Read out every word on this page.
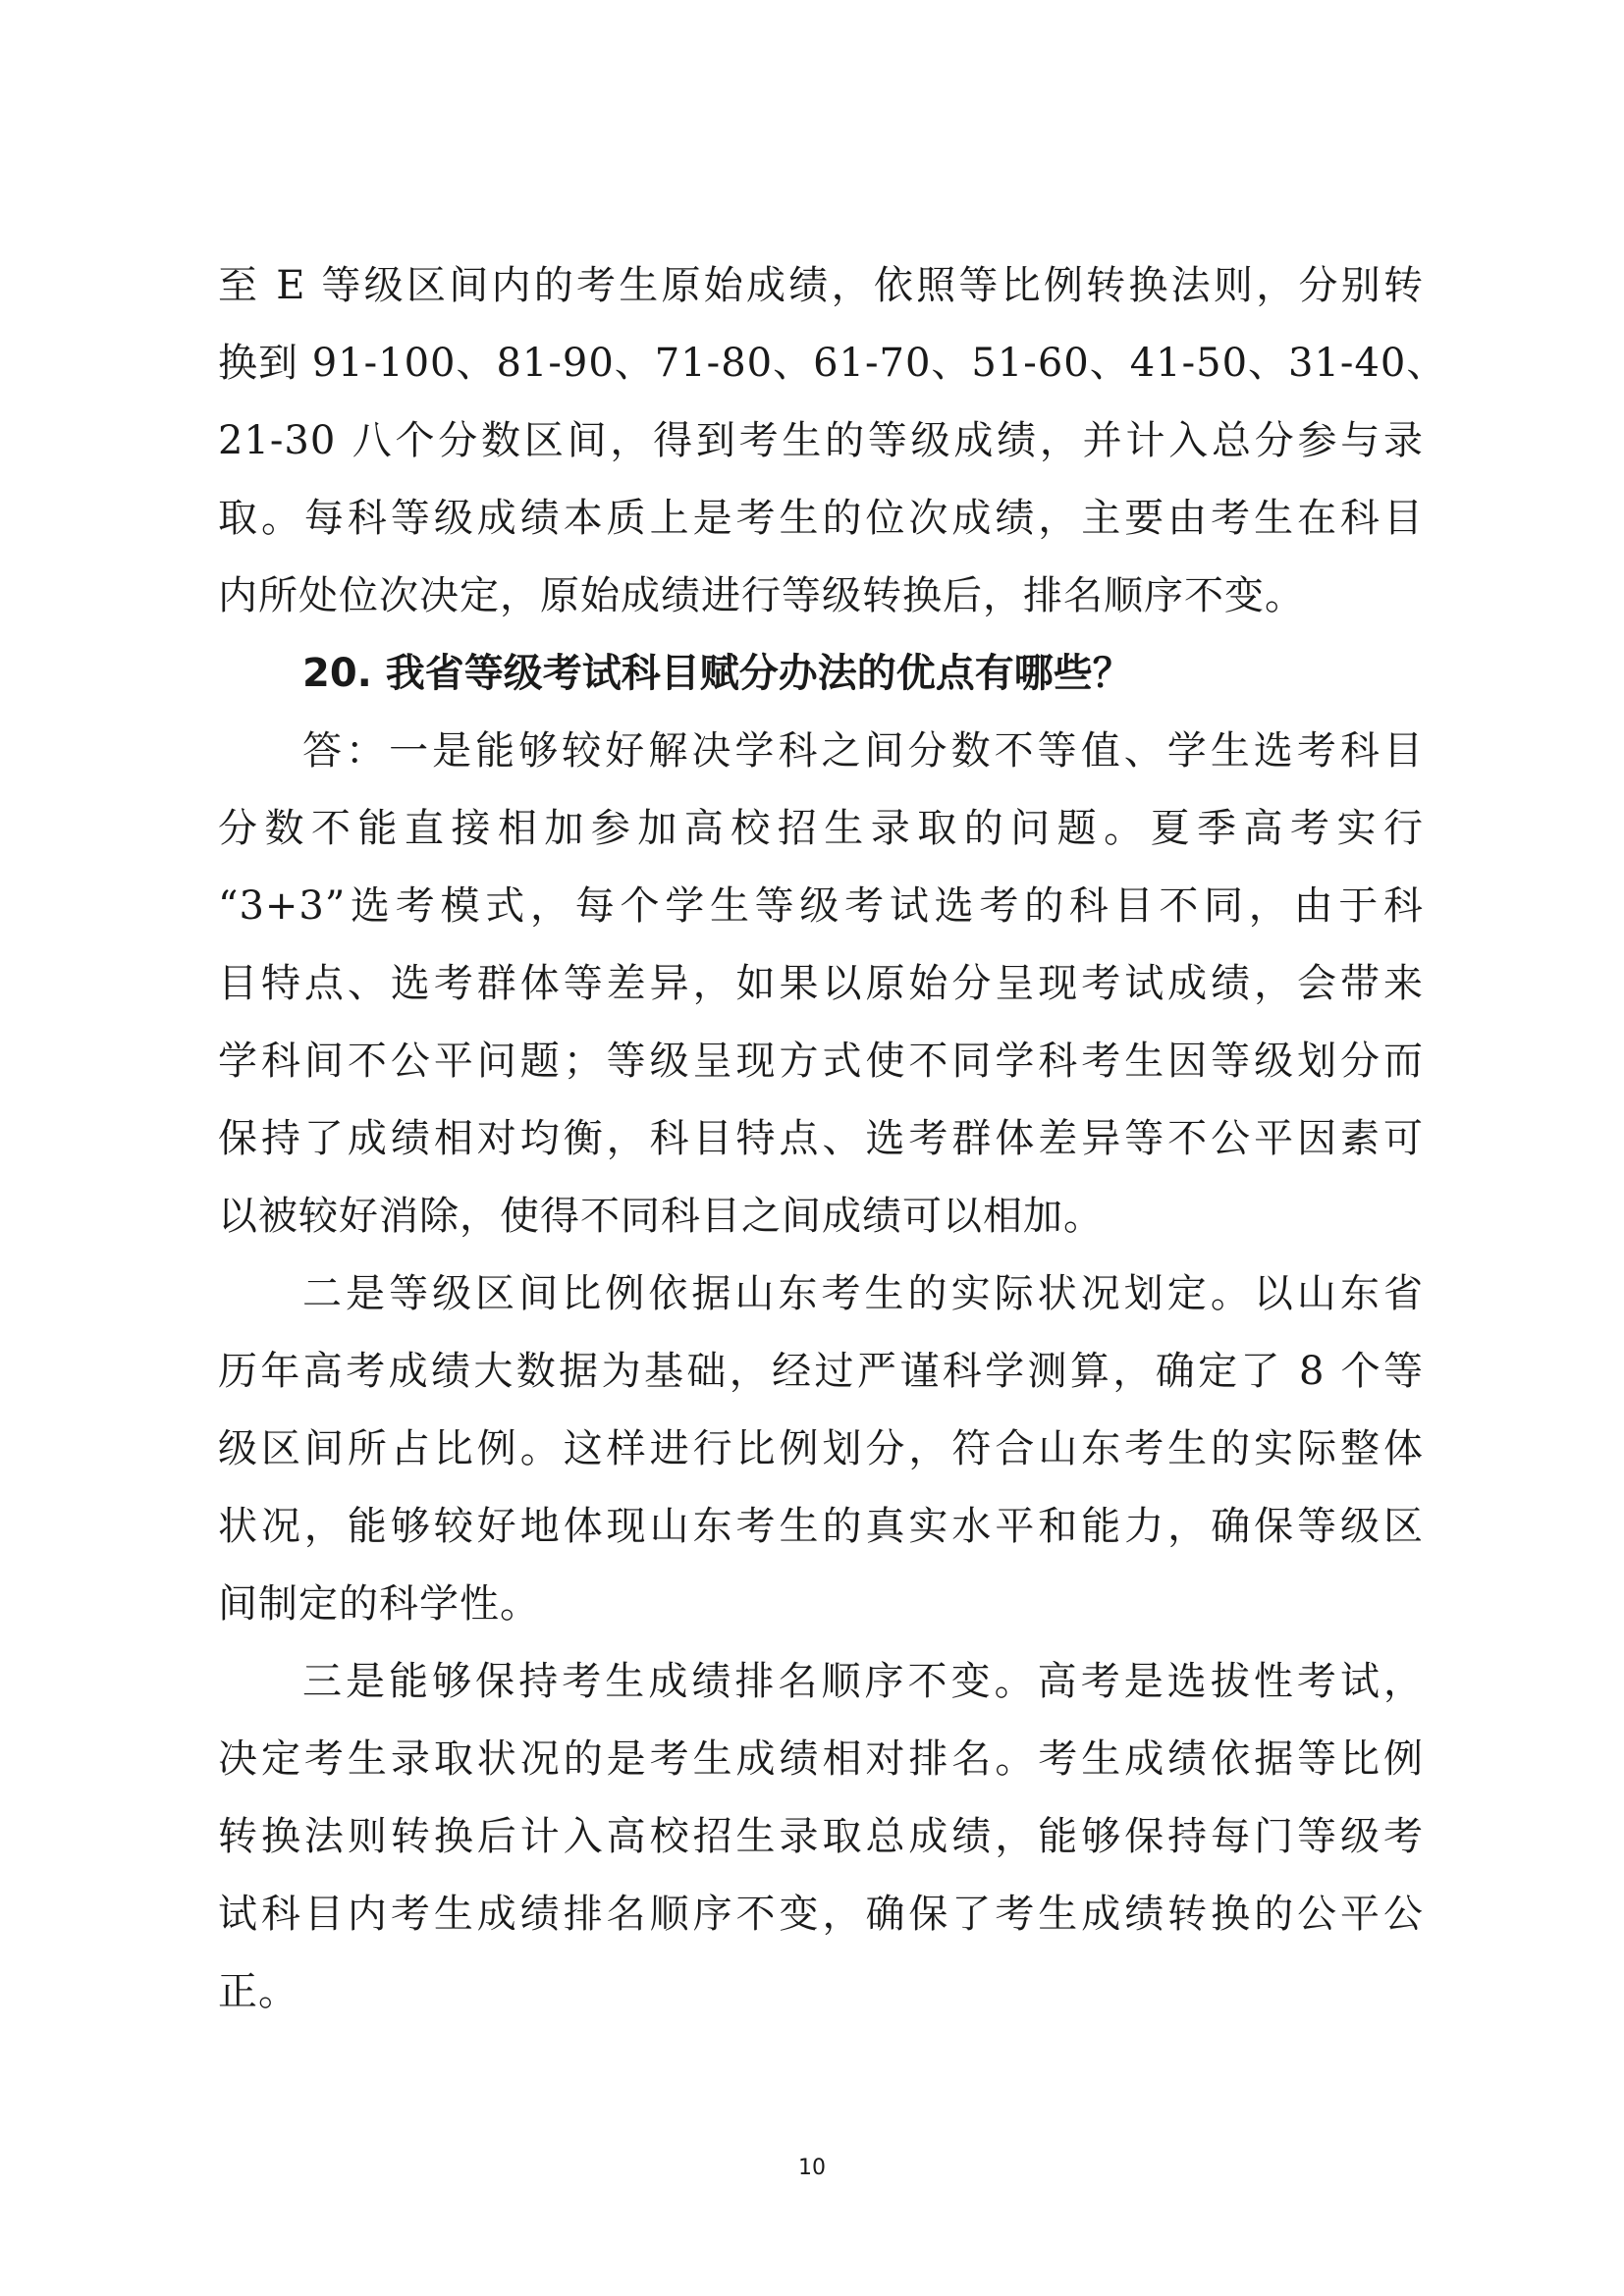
至 E 等级区间内的考生原始成绩，依照等比例转换法则，分别转
换到 91-100、81-90、71-80、61-70、51-60、41-50、31-40、
21-30 八个分数区间，得到考生的等级成绩，并计入总分参与录
取。每科等级成绩本质上是考生的位次成绩，主要由考生在科目
内所处位次决定，原始成绩进行等级转换后，排名顺序不变。
20. 我省等级考试科目赋分办法的优点有哪些？
答：一是能够较好解决学科之间分数不等值、学生选考科目
分数不能直接相加参加高校招生录取的问题。夏季高考实行
“3+3”选考模式，每个学生等级考试选考的科目不同，由于科
目特点、选考群体等差异，如果以原始分呈现考试成绩，会带来
学科间不公平问题；等级呈现方式使不同学科考生因等级划分而
保持了成绩相对均衡，科目特点、选考群体差异等不公平因素可
以被较好消除，使得不同科目之间成绩可以相加。
二是等级区间比例依据山东考生的实际状况划定。以山东省
历年高考成绩大数据为基础，经过严谨科学测算，确定了 8 个等
级区间所占比例。这样进行比例划分，符合山东考生的实际整体
状况，能够较好地体现山东考生的真实水平和能力，确保等级区
间制定的科学性。
三是能够保持考生成绩排名顺序不变。高考是选拔性考试，
决定考生录取状况的是考生成绩相对排名。考生成绩依据等比例
转换法则转换后计入高校招生录取总成绩，能够保持每门等级考
试科目内考生成绩排名顺序不变，确保了考生成绩转换的公平公
正。
10
